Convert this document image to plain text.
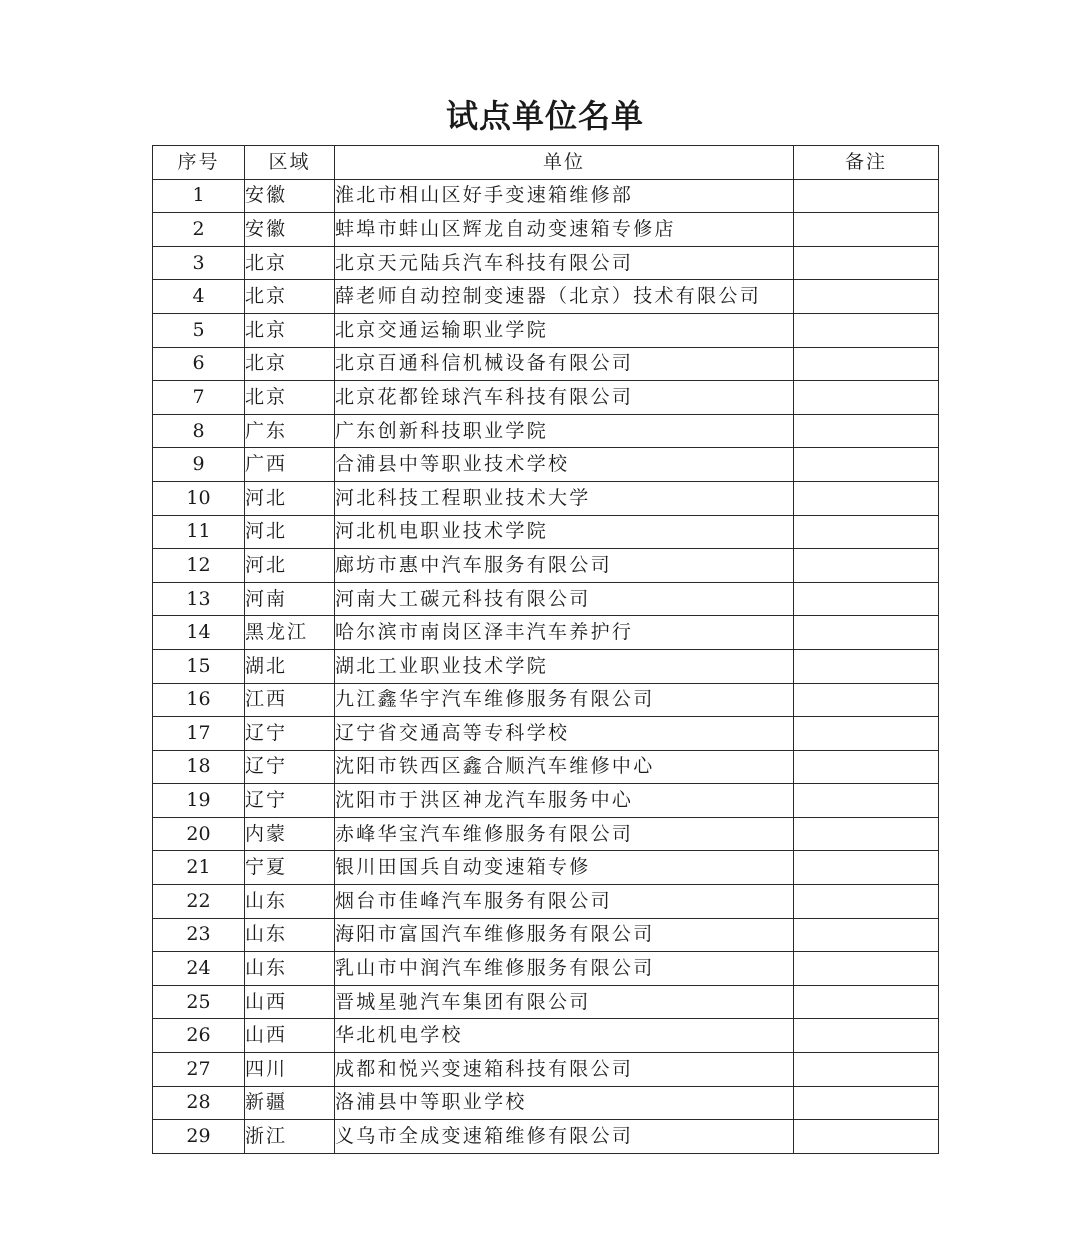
试点单位名单
序号	区域	单位	备注
1	安徽	淮北市相山区好手变速箱维修部	
2	安徽	蚌埠市蚌山区辉龙自动变速箱专修店	
3	北京	北京天元陆兵汽车科技有限公司	
4	北京	薛老师自动控制变速器（北京）技术有限公司	
5	北京	北京交通运输职业学院	
6	北京	北京百通科信机械设备有限公司	
7	北京	北京花都铨球汽车科技有限公司	
8	广东	广东创新科技职业学院	
9	广西	合浦县中等职业技术学校	
10	河北	河北科技工程职业技术大学	
11	河北	河北机电职业技术学院	
12	河北	廊坊市惠中汽车服务有限公司	
13	河南	河南大工碳元科技有限公司	
14	黑龙江	哈尔滨市南岗区泽丰汽车养护行	
15	湖北	湖北工业职业技术学院	
16	江西	九江鑫华宇汽车维修服务有限公司	
17	辽宁	辽宁省交通高等专科学校	
18	辽宁	沈阳市铁西区鑫合顺汽车维修中心	
19	辽宁	沈阳市于洪区神龙汽车服务中心	
20	内蒙	赤峰华宝汽车维修服务有限公司	
21	宁夏	银川田国兵自动变速箱专修	
22	山东	烟台市佳峰汽车服务有限公司	
23	山东	海阳市富国汽车维修服务有限公司	
24	山东	乳山市中润汽车维修服务有限公司	
25	山西	晋城星驰汽车集团有限公司	
26	山西	华北机电学校	
27	四川	成都和悦兴变速箱科技有限公司	
28	新疆	洛浦县中等职业学校	
29	浙江	义乌市全成变速箱维修有限公司	
